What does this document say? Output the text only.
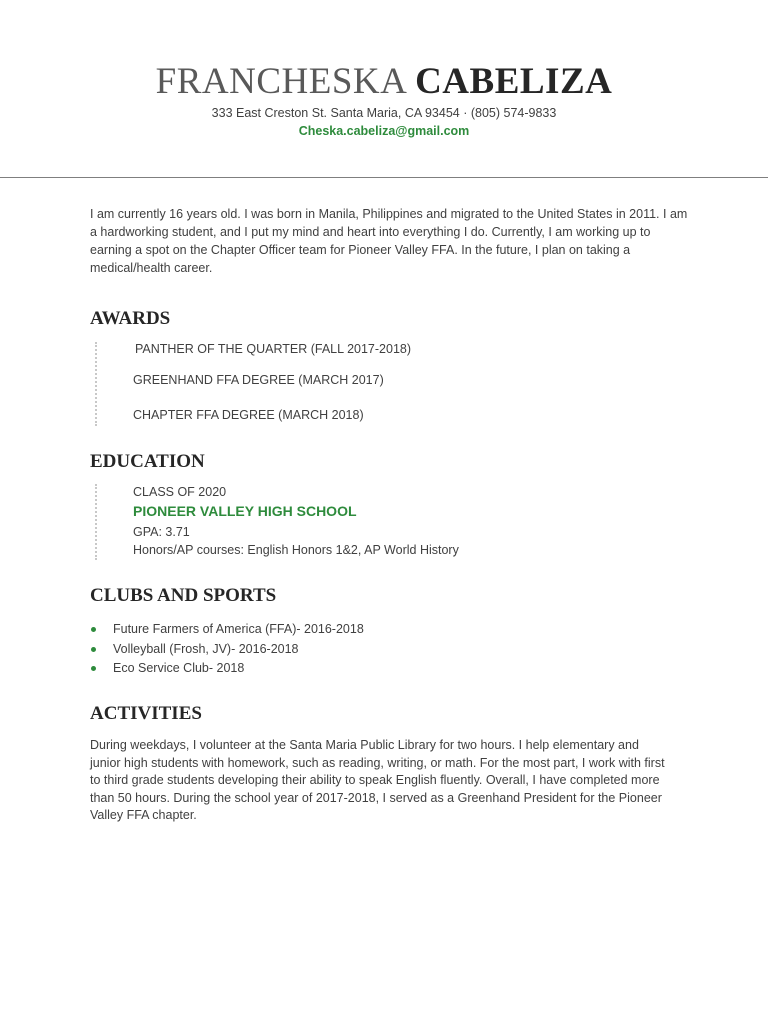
FRANCHESKA CABELIZA
333 East Creston St. Santa Maria, CA 93454 · (805) 574-9833
Cheska.cabeliza@gmail.com

I am currently 16 years old. I was born in Manila, Philippines and migrated to the United States in 2011. I am a hardworking student, and I put my mind and heart into everything I do. Currently, I am working up to earning a spot on the Chapter Officer team for Pioneer Valley FFA. In the future, I plan on taking a medical/health career.

AWARDS
PANTHER OF THE QUARTER (FALL 2017-2018)
GREENHAND FFA DEGREE (MARCH 2017)
CHAPTER FFA DEGREE (MARCH 2018)
EDUCATION
CLASS OF 2020
PIONEER VALLEY HIGH SCHOOL
GPA: 3.71
Honors/AP courses: English Honors 1&2, AP World History
CLUBS AND SPORTS
Future Farmers of America (FFA)- 2016-2018
Volleyball (Frosh, JV)- 2016-2018
Eco Service Club- 2018
ACTIVITIES

During weekdays, I volunteer at the Santa Maria Public Library for two hours. I help elementary and junior high students with homework, such as reading, writing, or math. For the most part, I work with first to third grade students developing their ability to speak English fluently. Overall, I have completed more than 50 hours. During the school year of 2017-2018, I served as a Greenhand President for the Pioneer Valley FFA chapter.
